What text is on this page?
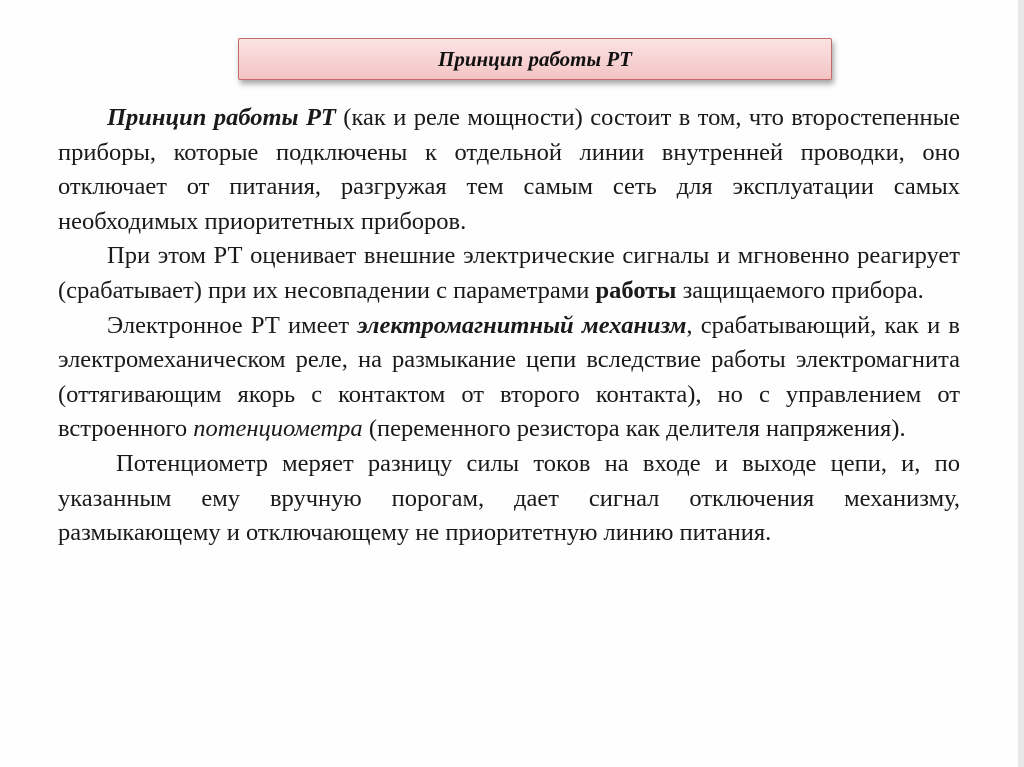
Принцип работы РТ

Принцип работы РТ (как и реле мощности) состоит в том, что второстепенные приборы, которые подключены к отдельной линии внутренней проводки, оно отключает от питания, разгружая тем самым сеть для эксплуатации самых необходимых приоритетных приборов.

При этом РТ оценивает внешние электрические сигналы и мгновенно реагирует (срабатывает) при их несовпадении с параметрами работы защищаемого прибора.

Электронное РТ имеет электромагнитный механизм, срабатывающий, как и в электромеханическом реле, на размыкание цепи вследствие работы электромагнита (оттягивающим якорь с контактом от второго контакта), но с управлением от встроенного потенциометра (переменного резистора как делителя напряжения).

Потенциометр меряет разницу силы токов на входе и выходе цепи, и, по указанным ему вручную порогам, дает сигнал отключения механизму, размыкающему и отключающему не приоритетную линию питания.
